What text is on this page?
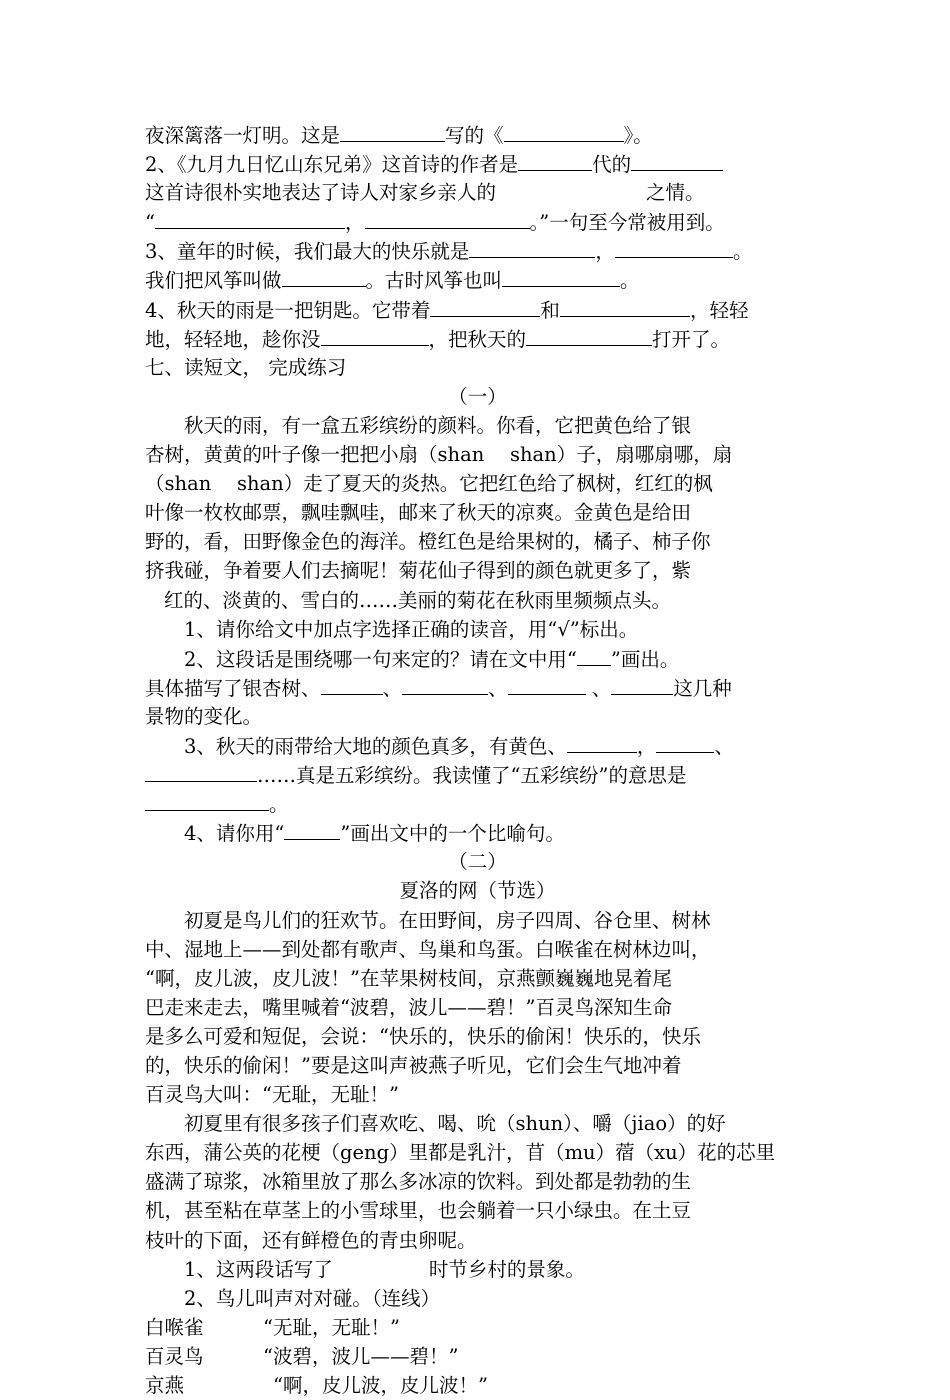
夜深篱落一灯明。这是	写的《	》。
2、《九月九日忆山东兄弟》这首诗的作者是	代的
这首诗很朴实地表达了诗人对家乡亲人的	之情。
“	，	。”一句至今常被用到。
3、童年的时候，我们最大的快乐就是	，	。
我们把风筝叫做	。古时风筝也叫	。
4、秋天的雨是一把钥匙。它带着	和	，轻轻
地，轻轻地，趁你没	，把秋天的	打开了。
七、读短文， 完成练习
（一）
秋天的雨，有一盒五彩缤纷的颜料。你看，它把黄色给了银
杏树，黄黄的叶子像一把把小扇（shan　 shan）子，扇哪扇哪，扇
（shan　 shan）走了夏天的炎热。它把红色给了枫树，红红的枫
叶像一枚枚邮票，飘哇飘哇，邮来了秋天的凉爽。金黄色是给田
野的，看，田野像金色的海洋。橙红色是给果树的，橘子、柿子你
挤我碰，争着要人们去摘呢！菊花仙子得到的颜色就更多了，紫
红的、淡黄的、雪白的……美丽的菊花在秋雨里频频点头。
1、请你给文中加点字选择正确的读音，用“√”标出。
2、这段话是围绕哪一句来定的？请在文中用“ ”画出。
具体描写了银杏树、	、	、	、	这几种
景物的变化。
3、秋天的雨带给大地的颜色真多，有黄色、	，	、
……真是五彩缤纷。我读懂了“五彩缤纷”的意思是
。
4、请你用“	”画出文中的一个比喻句。
（二）
夏洛的网（节选）
初夏是鸟儿们的狂欢节。在田野间，房子四周、谷仓里、树林
中、湿地上——到处都有歌声、鸟巢和鸟蛋。白喉雀在树林边叫，
“啊，皮儿波，皮儿波！”在苹果树枝间，京燕颤巍巍地晃着尾
巴走来走去，嘴里喊着“波碧，波儿——碧！”百灵鸟深知生命
是多么可爱和短促，会说：“快乐的，快乐的偷闲！快乐的，快乐
的，快乐的偷闲！”要是这叫声被燕子听见，它们会生气地冲着
百灵鸟大叫：“无耻，无耻！”
初夏里有很多孩子们喜欢吃、喝、吮（shun）、嚼（jiao）的好
东西，蒲公英的花梗（geng）里都是乳汁，苜（mu）蓿（xu）花的芯里
盛满了琼浆，冰箱里放了那么多冰凉的饮料。到处都是勃勃的生
机，甚至粘在草茎上的小雪球里，也会躺着一只小绿虫。在土豆
枝叶的下面，还有鲜橙色的青虫卵呢。
1、这两段话写了	时节乡村的景象。
2、鸟儿叫声对对碰。（连线）
白喉雀	“无耻，无耻！”
百灵鸟	“波碧，波儿——碧！”
京燕	“啊，皮儿波，皮儿波！”
